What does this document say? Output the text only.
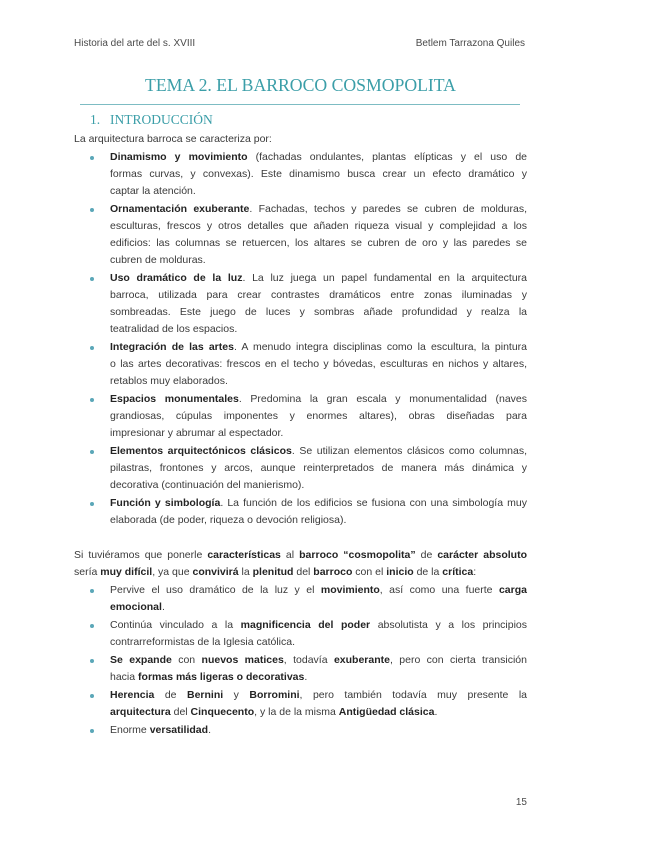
Historia del arte del s. XVIII	Betlem Tarrazona Quiles
TEMA 2. EL BARROCO COSMOPOLITA
1. INTRODUCCIÓN
La arquitectura barroca se caracteriza por:
Dinamismo y movimiento (fachadas ondulantes, plantas elípticas y el uso de
formas curvas, y convexas). Este dinamismo busca crear un efecto dramático y
captar la atención.
Ornamentación exuberante. Fachadas, techos y paredes se cubren de molduras,
esculturas, frescos y otros detalles que añaden riqueza visual y complejidad a los
edificios: las columnas se retuercen, los altares se cubren de oro y las paredes se
cubren de molduras.
Uso dramático de la luz. La luz juega un papel fundamental en la arquitectura
barroca, utilizada para crear contrastes dramáticos entre zonas iluminadas y
sombreadas. Este juego de luces y sombras añade profundidad y realza la
teatralidad de los espacios.
Integración de las artes. A menudo integra disciplinas como la escultura, la pintura
o las artes decorativas: frescos en el techo y bóvedas, esculturas en nichos y altares,
retablos muy elaborados.
Espacios monumentales. Predomina la gran escala y monumentalidad (naves
grandiosas, cúpulas imponentes y enormes altares), obras diseñadas para
impresionar y abrumar al espectador.
Elementos arquitectónicos clásicos. Se utilizan elementos clásicos como columnas,
pilastras, frontones y arcos, aunque reinterpretados de manera más dinámica y
decorativa (continuación del manierismo).
Función y simbología. La función de los edificios se fusiona con una simbología muy
elaborada (de poder, riqueza o devoción religiosa).
Si tuviéramos que ponerle características al barroco “cosmopolita” de carácter absoluto
sería muy difícil, ya que convivirá la plenitud del barroco con el inicio de la crítica:
Pervive el uso dramático de la luz y el movimiento, así como una fuerte carga
emocional.
Continúa vinculado a la magnificencia del poder absolutista y a los principios
contrarreformistas de la Iglesia católica.
Se expande con nuevos matices, todavía exuberante, pero con cierta transición
hacia formas más ligeras o decorativas.
Herencia de Bernini y Borromini, pero también todavía muy presente la
arquitectura del Cinquecento, y la de la misma Antigüedad clásica.
Enorme versatilidad.
15
